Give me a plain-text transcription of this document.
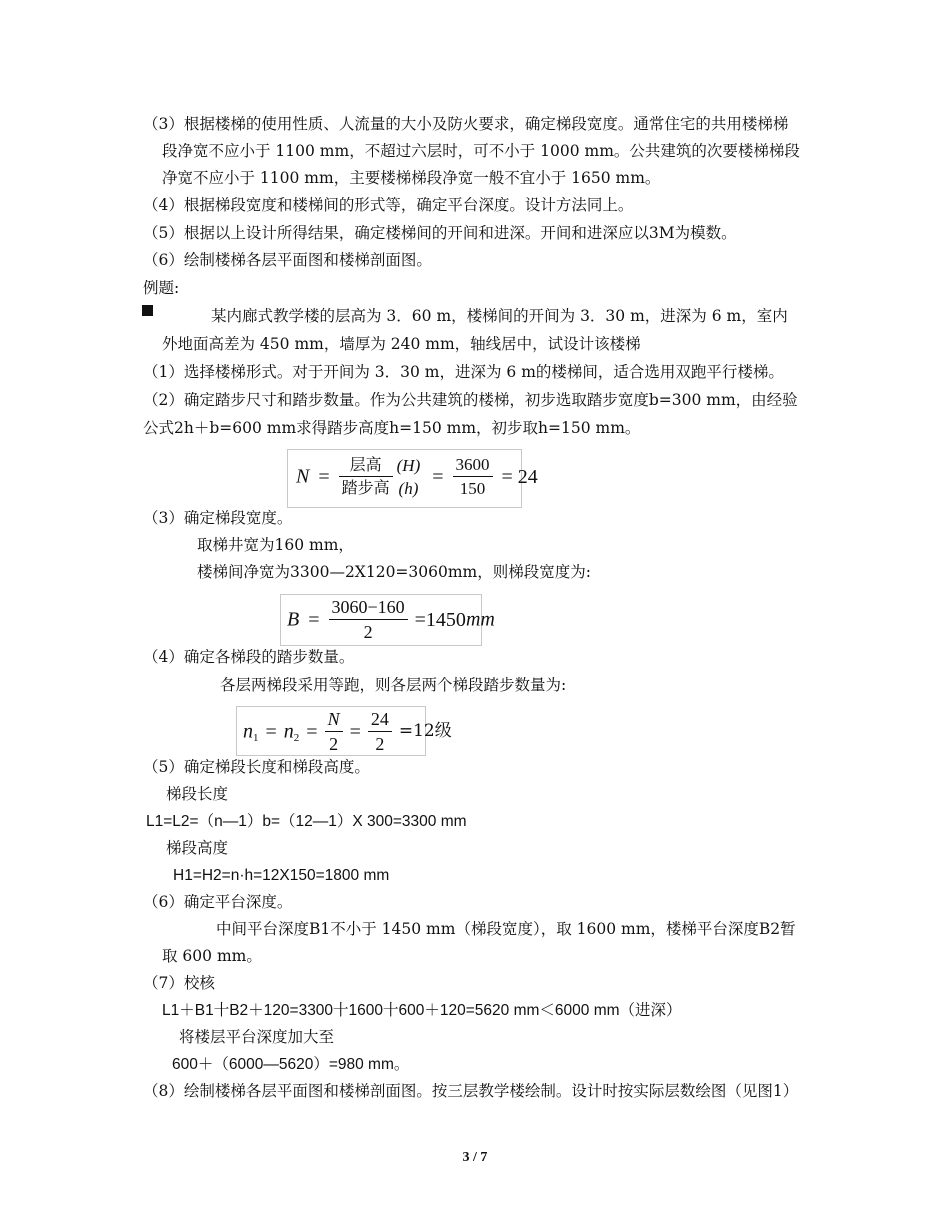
（3）根据楼梯的使用性质、人流量的大小及防火要求，确定梯段宽度。通常住宅的共用楼梯梯
段净宽不应小于 1100 mm，不超过六层时，可不小于 1000 mm。公共建筑的次要楼梯梯段
净宽不应小于 1100 mm，主要楼梯梯段净宽一般不宜小于 1650 mm。
（4）根据梯段宽度和楼梯间的形式等，确定平台深度。设计方法同上。
（5）根据以上设计所得结果，确定楼梯间的开间和进深。开间和进深应以3M为模数。
（6）绘制楼梯各层平面图和楼梯剖面图。
例题:
某内廊式教学楼的层高为 3．60 m，楼梯间的开间为 3．30 m，进深为 6 m，室内
外地面高差为 450 mm，墙厚为 240 mm，轴线居中，试设计该楼梯
（1）选择楼梯形式。对于开间为 3．30 m，进深为 6 m的楼梯间，适合选用双跑平行楼梯。
（2）确定踏步尺寸和踏步数量。作为公共建筑的楼梯，初步选取踏步宽度b=300 mm，由经验
公式2h＋b=600 mm求得踏步高度h=150 mm，初步取h=150 mm。
$N = \frac{\text{层高}}{\text{踏步高}}$
(H)
(h)
= $\frac{3600}{150} = 24$
（3）确定梯段宽度。
取梯井宽为160 mm，
楼梯间净宽为3300—2X120=3060mm，则梯段宽度为:
$B = \frac{3060-160}{2} =1450mm$
（4）确定各梯段的踏步数量。
各层两梯段采用等跑，则各层两个梯段踏步数量为:
$n_1 = n_2 = \frac{N}{2} = \frac{24}{2} =12$级
（5）确定梯段长度和梯段高度。
梯段长度
L1=L2=（n—1）b=（12—1）X 300=3300 mm
梯段高度
H1=H2=n·h=12X150=1800 mm
（6）确定平台深度。
中间平台深度B1不小于 1450 mm（梯段宽度），取 1600 mm，楼梯平台深度B2暂
取 600 mm。
（7）校核
L1＋B1十B2＋120=3300十1600十600＋120=5620 mm＜6000 mm（进深）
将楼层平台深度加大至
600＋（6000—5620）=980 mm。
（8）绘制楼梯各层平面图和楼梯剖面图。按三层教学楼绘制。设计时按实际层数绘图（见图1）
3 / 7
